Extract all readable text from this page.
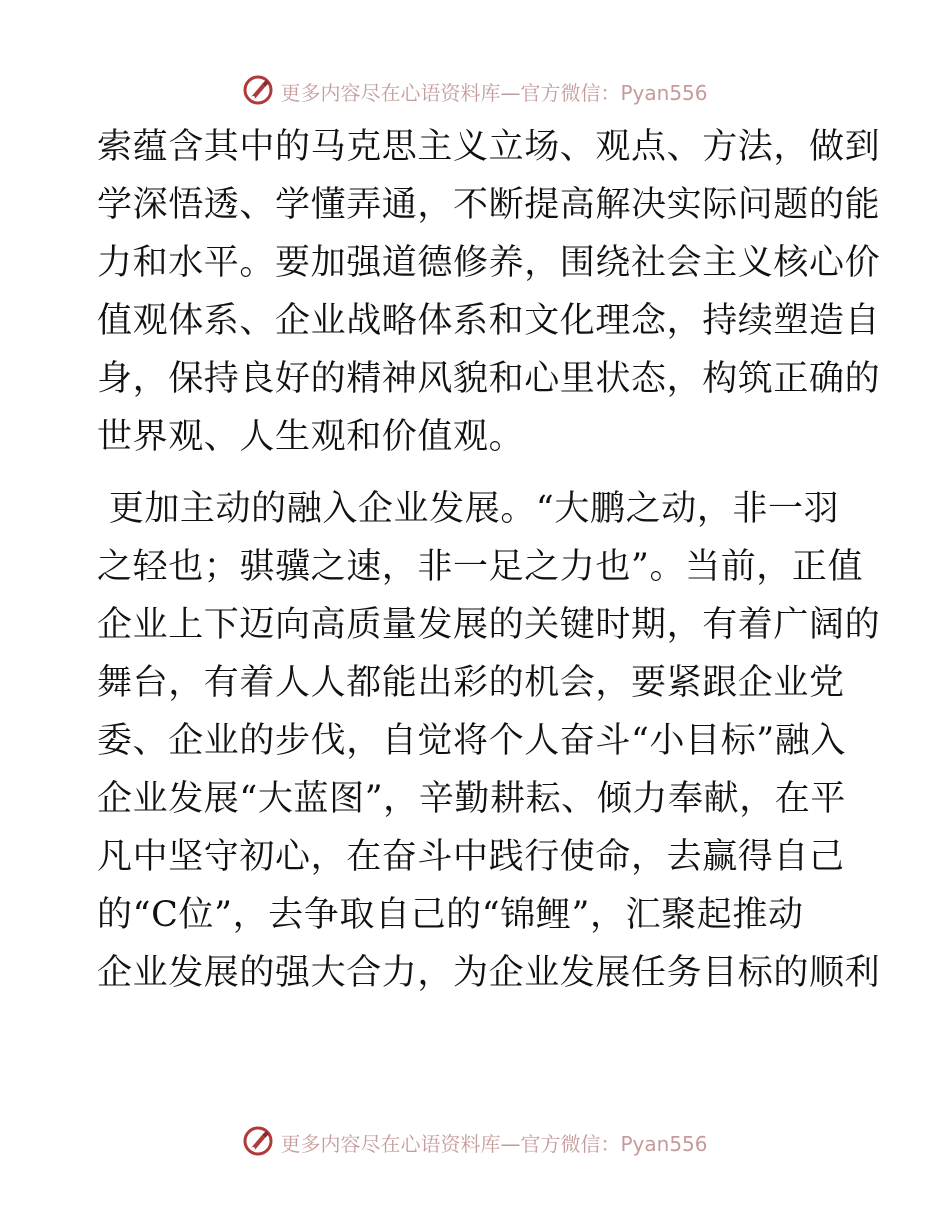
更多内容尽在心语资料库—官方微信：Pyan556
索蕴含其中的马克思主义立场、观点、方法，做到
学深悟透、学懂弄通，不断提高解决实际问题的能
力和水平。要加强道德修养，围绕社会主义核心价
值观体系、企业战略体系和文化理念，持续塑造自
身，保持良好的精神风貌和心里状态，构筑正确的
世界观、人生观和价值观。
更加主动的融入企业发展。“大鹏之动，非一羽
之轻也；骐骥之速，非一足之力也”。当前，正值
企业上下迈向高质量发展的关键时期，有着广阔的
舞台，有着人人都能出彩的机会，要紧跟企业党
委、企业的步伐，自觉将个人奋斗“小目标”融入
企业发展“大蓝图”，辛勤耕耘、倾力奉献，在平
凡中坚守初心，在奋斗中践行使命，去赢得自己
的“C位”，去争取自己的“锦鲤”，汇聚起推动
企业发展的强大合力，为企业发展任务目标的顺利
更多内容尽在心语资料库—官方微信：Pyan556
